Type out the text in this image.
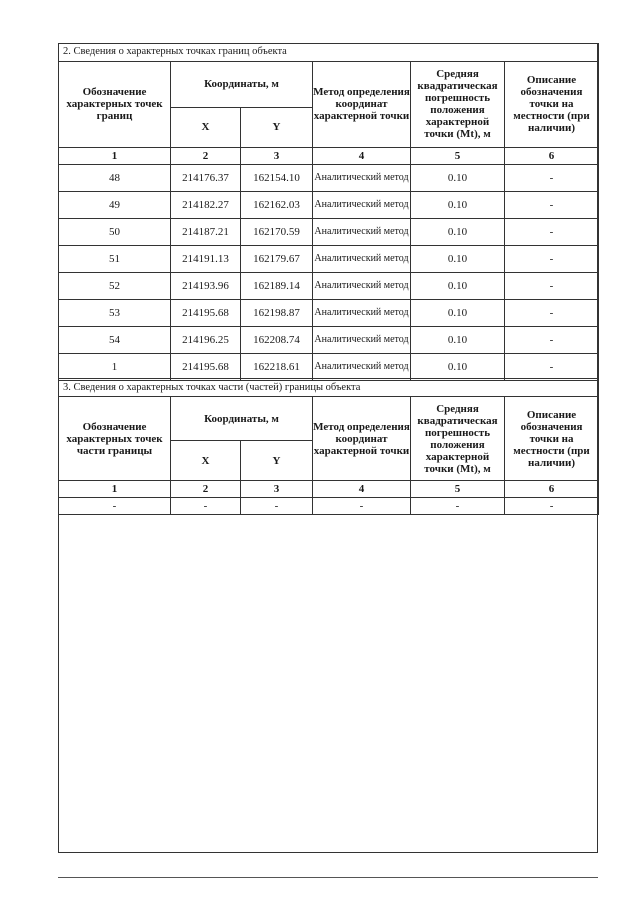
2. Сведения о характерных точках границ объекта					
Обозначение характерных точек границ	Координаты, м		Метод определения координат характерной точки	Средняя квадратическая погрешность положения характерной точки (Mt), м	Описание обозначения точки на местности (при наличии)
	X	Y			
1	2	3	4	5	6
48	214176.37	162154.10	Аналитический метод	0.10	-
49	214182.27	162162.03	Аналитический метод	0.10	-
50	214187.21	162170.59	Аналитический метод	0.10	-
51	214191.13	162179.67	Аналитический метод	0.10	-
52	214193.96	162189.14	Аналитический метод	0.10	-
53	214195.68	162198.87	Аналитический метод	0.10	-
54	214196.25	162208.74	Аналитический метод	0.10	-
1	214195.68	162218.61	Аналитический метод	0.10	-
3. Сведения о характерных точках части (частей) границы объекта					
Обозначение характерных точек части границы	Координаты, м		Метод определения координат характерной точки	Средняя квадратическая погрешность положения характерной точки (Mt), м	Описание обозначения точки на местности (при наличии)
	X	Y			
1	2	3	4	5	6
-	-	-	-	-	-
